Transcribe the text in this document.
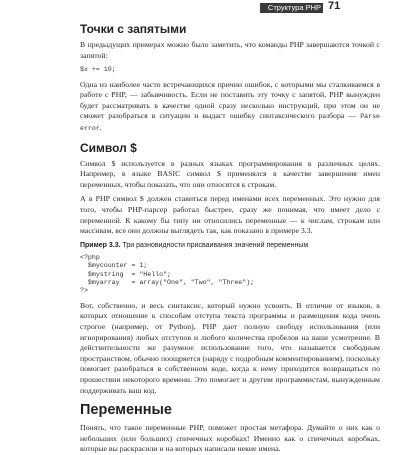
Структура PHP 71
Точки с запятыми

В предыдущих примерах можно было заметить, что команды PHP завершаются точкой с запятой:

$x += 10;

Одна из наиболее часто встречающихся причин ошибок, с которыми мы сталкиваемся в работе с PHP, — забывчивость. Если не поставить эту точку с запятой, PHP вынужден будет рассматривать в качестве одной сразу несколько инструкций, при этом он не сможет разобраться в ситуации и выдаст ошибку синтаксического разбора — Parse error.

Символ $

Символ $ используется в разных языках программирования в различных целях. Например, в языке BASIC символ $ применялся в качестве завершения имен переменных, чтобы показать, что они относятся к строкам.

А в PHP символ $ должен ставиться перед именами всех переменных. Это нужно для того, чтобы PHP-парсер работал быстрее, сразу же понимая, что имеет дело с переменной. К какому бы типу ни относились переменные — к числам, строкам или массивам, все они должны выглядеть так, как показано в примере 3.3.

Пример 3.3. Три разновидности присваивания значений переменным
<?php
$mycounter = 1;
$mystring  = "Hello";
$myarray   = array("One", "Two", "Three");
?>

Вот, собственно, и весь синтаксис, который нужно усвоить. В отличие от языков, в которых отношение к способам отступа текста программы и размещения кода очень строгое (например, от Python), PHP дает полную свободу использования (или игнорирования) любых отступов и любого количества пробелов на ваше усмотрение. В действительности же разумное использование того, что называется свободным пространством, обычно поощряется (наряду с подробным комментированием), поскольку помогает разобраться в собственном коде, когда к нему приходится возвращаться по прошествии некоторого времени. Это помогает и другим программистам, вынужденным поддерживать ваш код.

Переменные

Понять, что такое переменные PHP, поможет простая метафора. Думайте о них как о небольших (или больших) спичечных коробках! Именно как о спичечных коробках, которые вы раскрасили и на которых написали некие имена.
